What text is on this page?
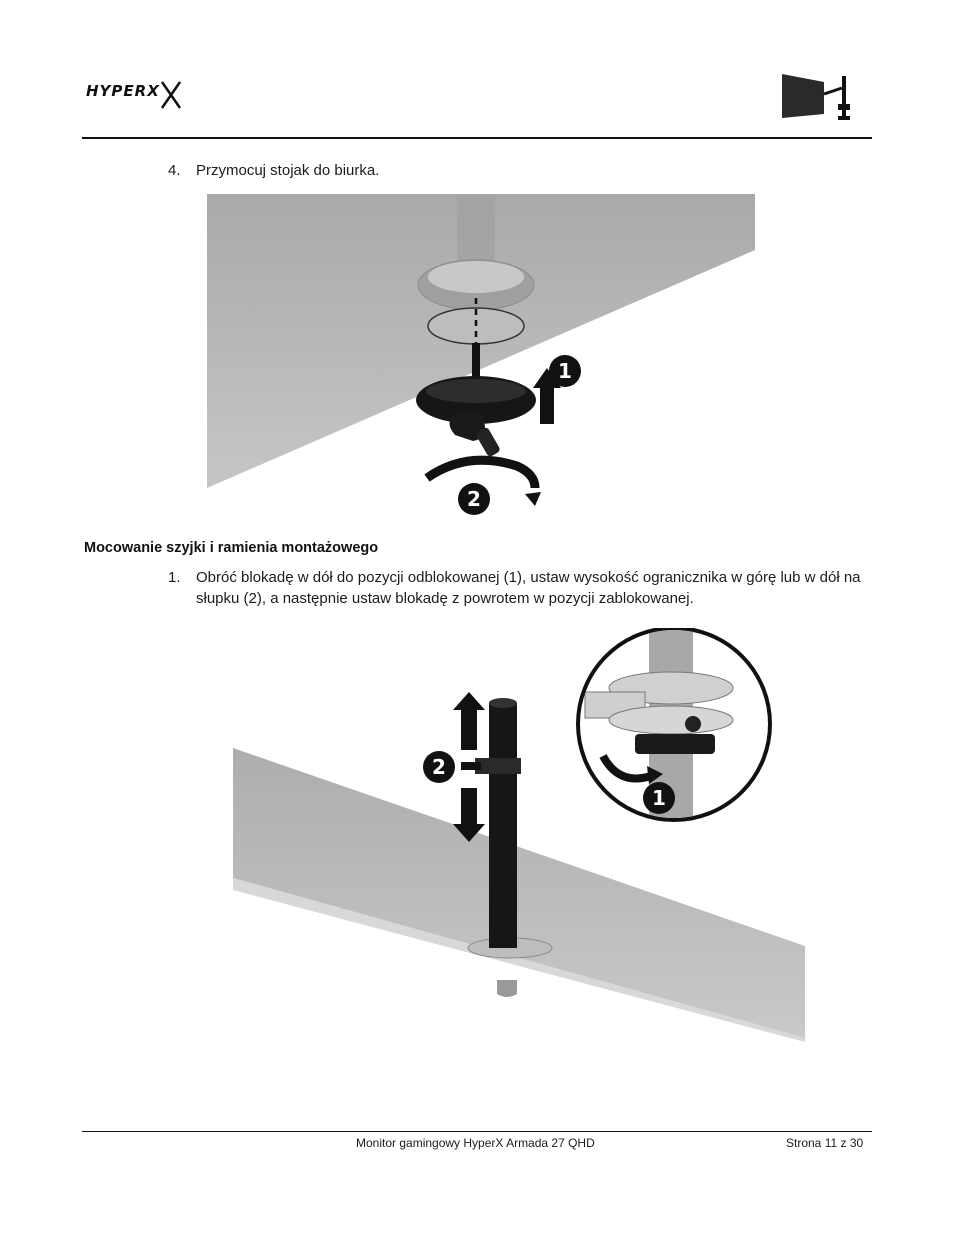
HYPERX
4. Przymocuj stojak do biurka.
1
2
Mocowanie szyjki i ramienia montażowego
1. Obróć blokadę w dół do pozycji odblokowanej (1), ustaw wysokość ogranicznika w górę lub w dół na słupku (2), a następnie ustaw blokadę z powrotem w pozycji zablokowanej.
2
1
Monitor gamingowy HyperX Armada 27 QHD	Strona 11 z 30
